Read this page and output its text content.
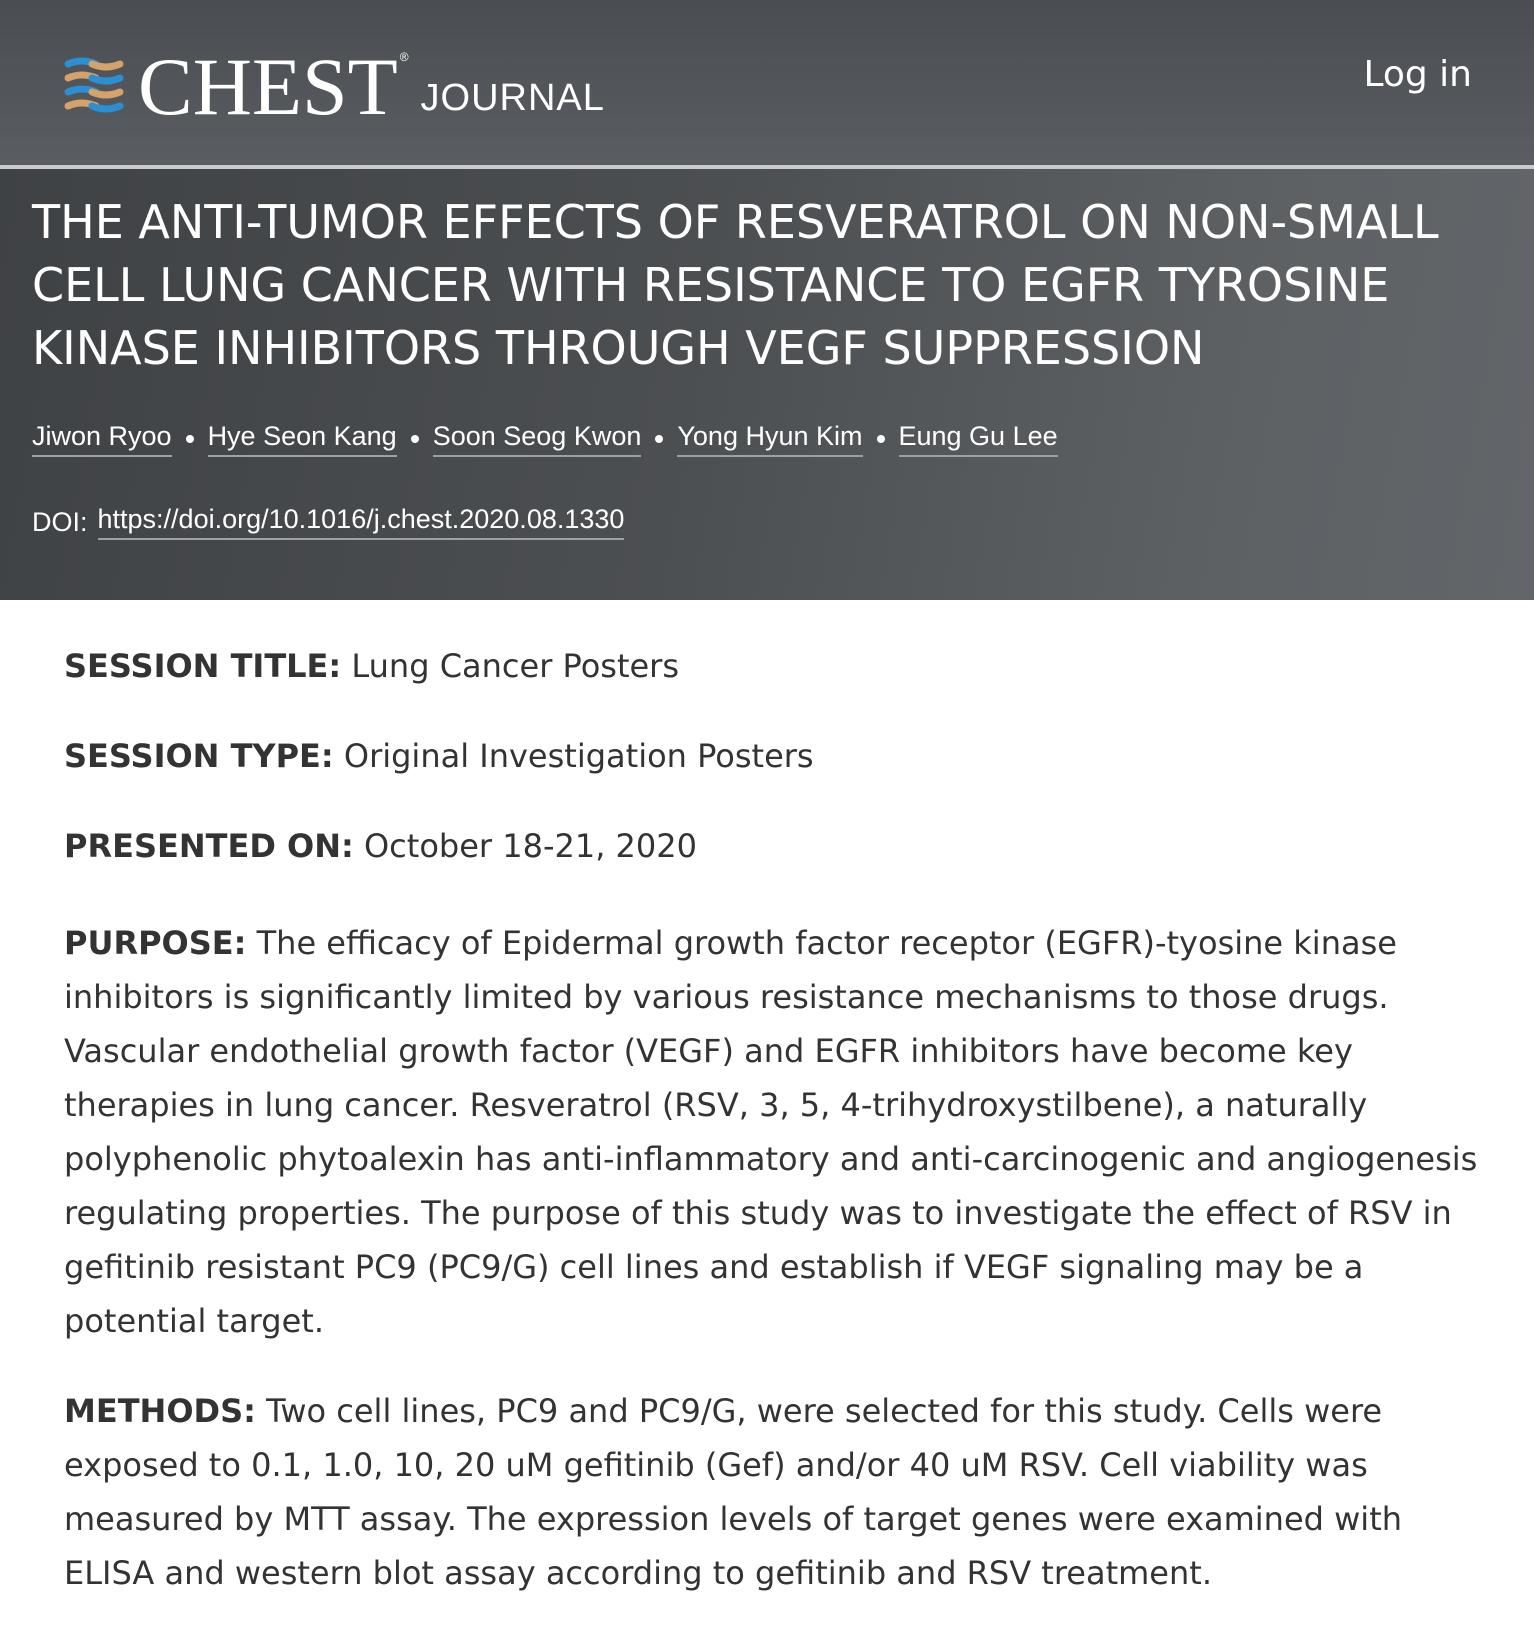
CHEST ®
JOURNAL
Log in
THE ANTI-TUMOR EFFECTS OF RESVERATROL ON NON-SMALL CELL LUNG CANCER WITH RESISTANCE TO EGFR TYROSINE KINASE INHIBITORS THROUGH VEGF SUPPRESSION
Jiwon Ryoo Hye Seon Kang Soon Seog Kwon Yong Hyun Kim Eung Gu Lee
DOI: https://doi.org/10.1016/j.chest.2020.08.1330

SESSION TITLE: Lung Cancer Posters

SESSION TYPE: Original Investigation Posters

PRESENTED ON: October 18-21, 2020

PURPOSE: The efficacy of Epidermal growth factor receptor (EGFR)-tyosine kinase inhibitors is significantly limited by various resistance mechanisms to those drugs. Vascular endothelial growth factor (VEGF) and EGFR inhibitors have become key therapies in lung cancer. Resveratrol (RSV, 3, 5, 4-trihydroxystilbene), a naturally polyphenolic phytoalexin has anti-inflammatory and anti-carcinogenic and angiogenesis regulating properties. The purpose of this study was to investigate the effect of RSV in gefitinib resistant PC9 (PC9/G) cell lines and establish if VEGF signaling may be a potential target.

METHODS: Two cell lines, PC9 and PC9/G, were selected for this study. Cells were exposed to 0.1, 1.0, 10, 20 uM gefitinib (Gef) and/or 40 uM RSV. Cell viability was measured by MTT assay. The expression levels of target genes were examined with ELISA and western blot assay according to gefitinib and RSV treatment.
